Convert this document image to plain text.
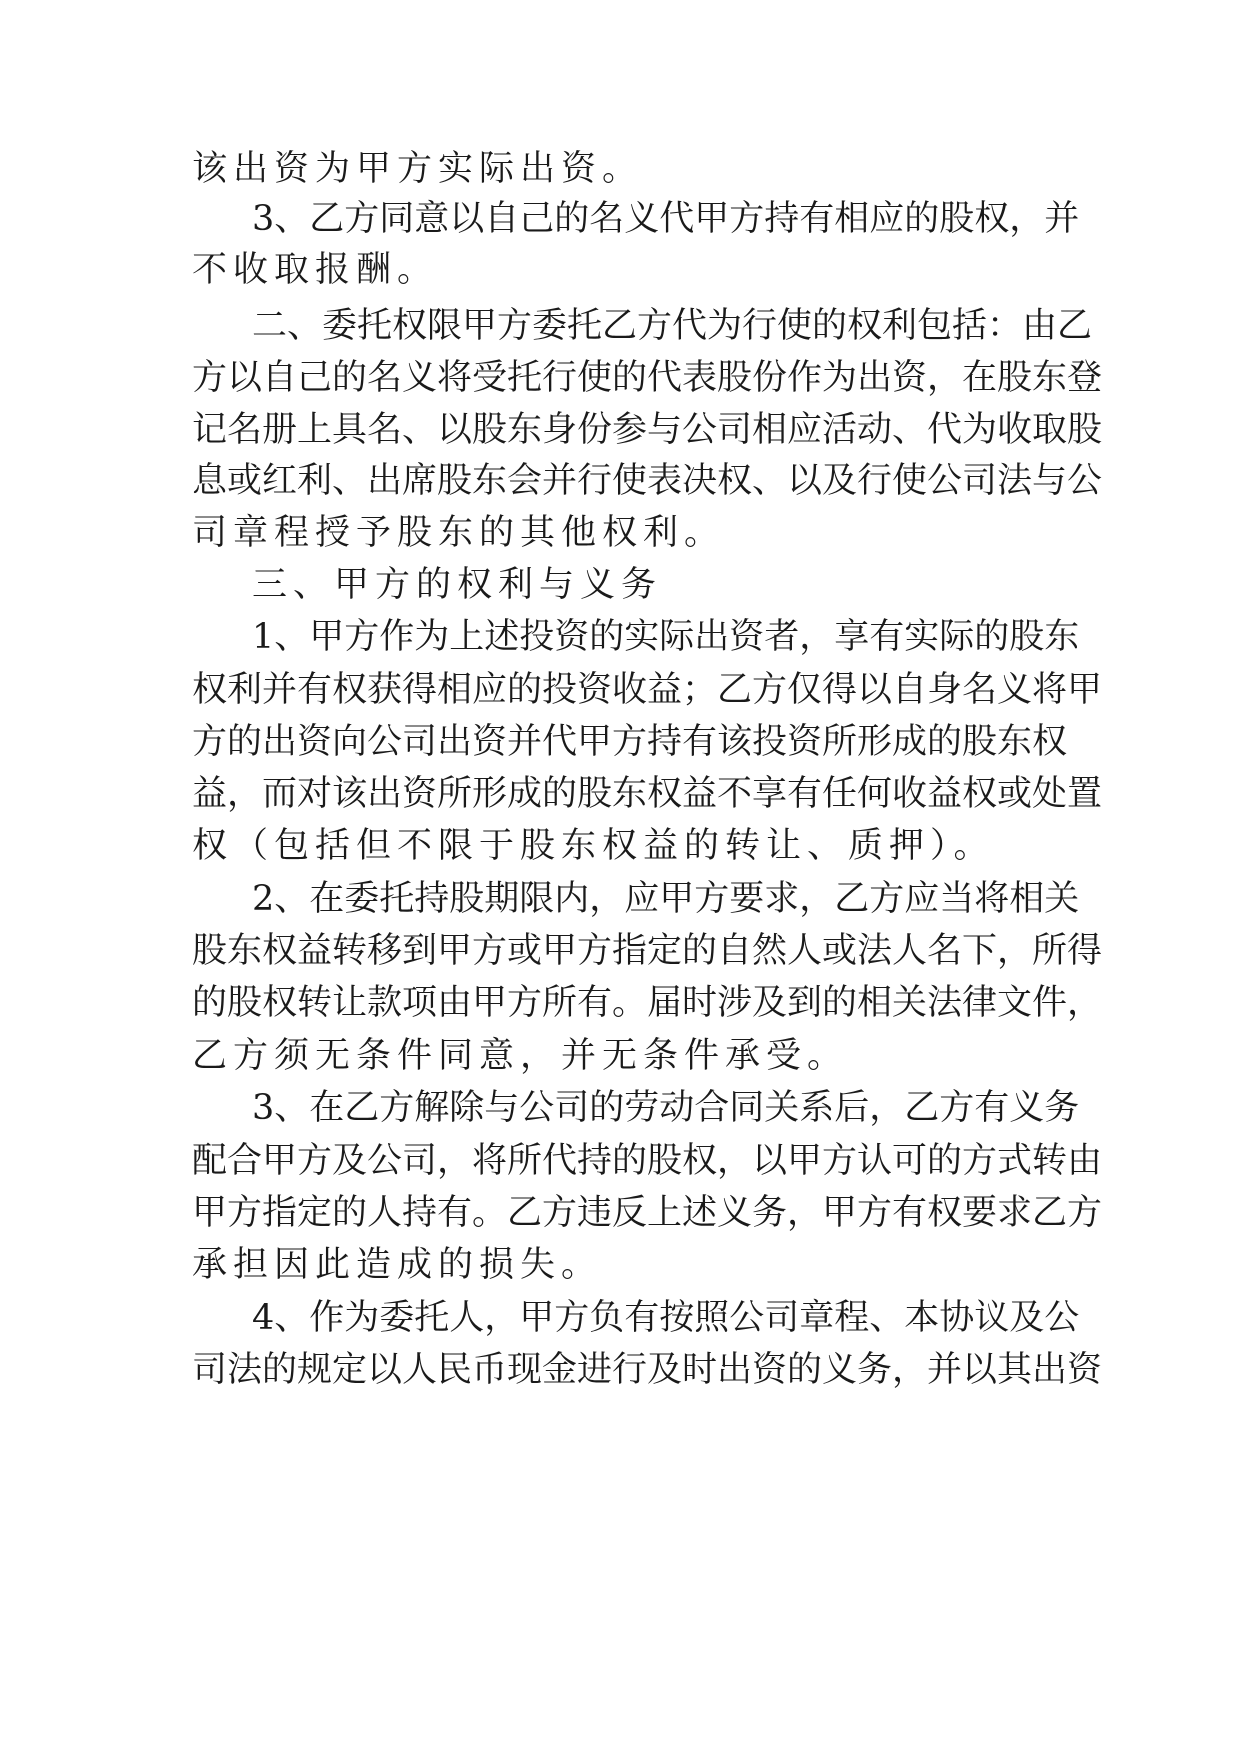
该出资为甲方实际出资。
3、乙方同意以自己的名义代甲方持有相应的股权，并
不收取报酬。
二、委托权限甲方委托乙方代为行使的权利包括：由乙
方以自己的名义将受托行使的代表股份作为出资，在股东登
记名册上具名、以股东身份参与公司相应活动、代为收取股
息或红利、出席股东会并行使表决权、以及行使公司法与公
司章程授予股东的其他权利。
三、甲方的权利与义务
1、甲方作为上述投资的实际出资者，享有实际的股东
权利并有权获得相应的投资收益；乙方仅得以自身名义将甲
方的出资向公司出资并代甲方持有该投资所形成的股东权
益，而对该出资所形成的股东权益不享有任何收益权或处置
权（包括但不限于股东权益的转让、质押）。
2、在委托持股期限内，应甲方要求，乙方应当将相关
股东权益转移到甲方或甲方指定的自然人或法人名下，所得
的股权转让款项由甲方所有。届时涉及到的相关法律文件，
乙方须无条件同意，并无条件承受。
3、在乙方解除与公司的劳动合同关系后，乙方有义务
配合甲方及公司，将所代持的股权，以甲方认可的方式转由
甲方指定的人持有。乙方违反上述义务，甲方有权要求乙方
承担因此造成的损失。
4、作为委托人，甲方负有按照公司章程、本协议及公
司法的规定以人民币现金进行及时出资的义务，并以其出资
